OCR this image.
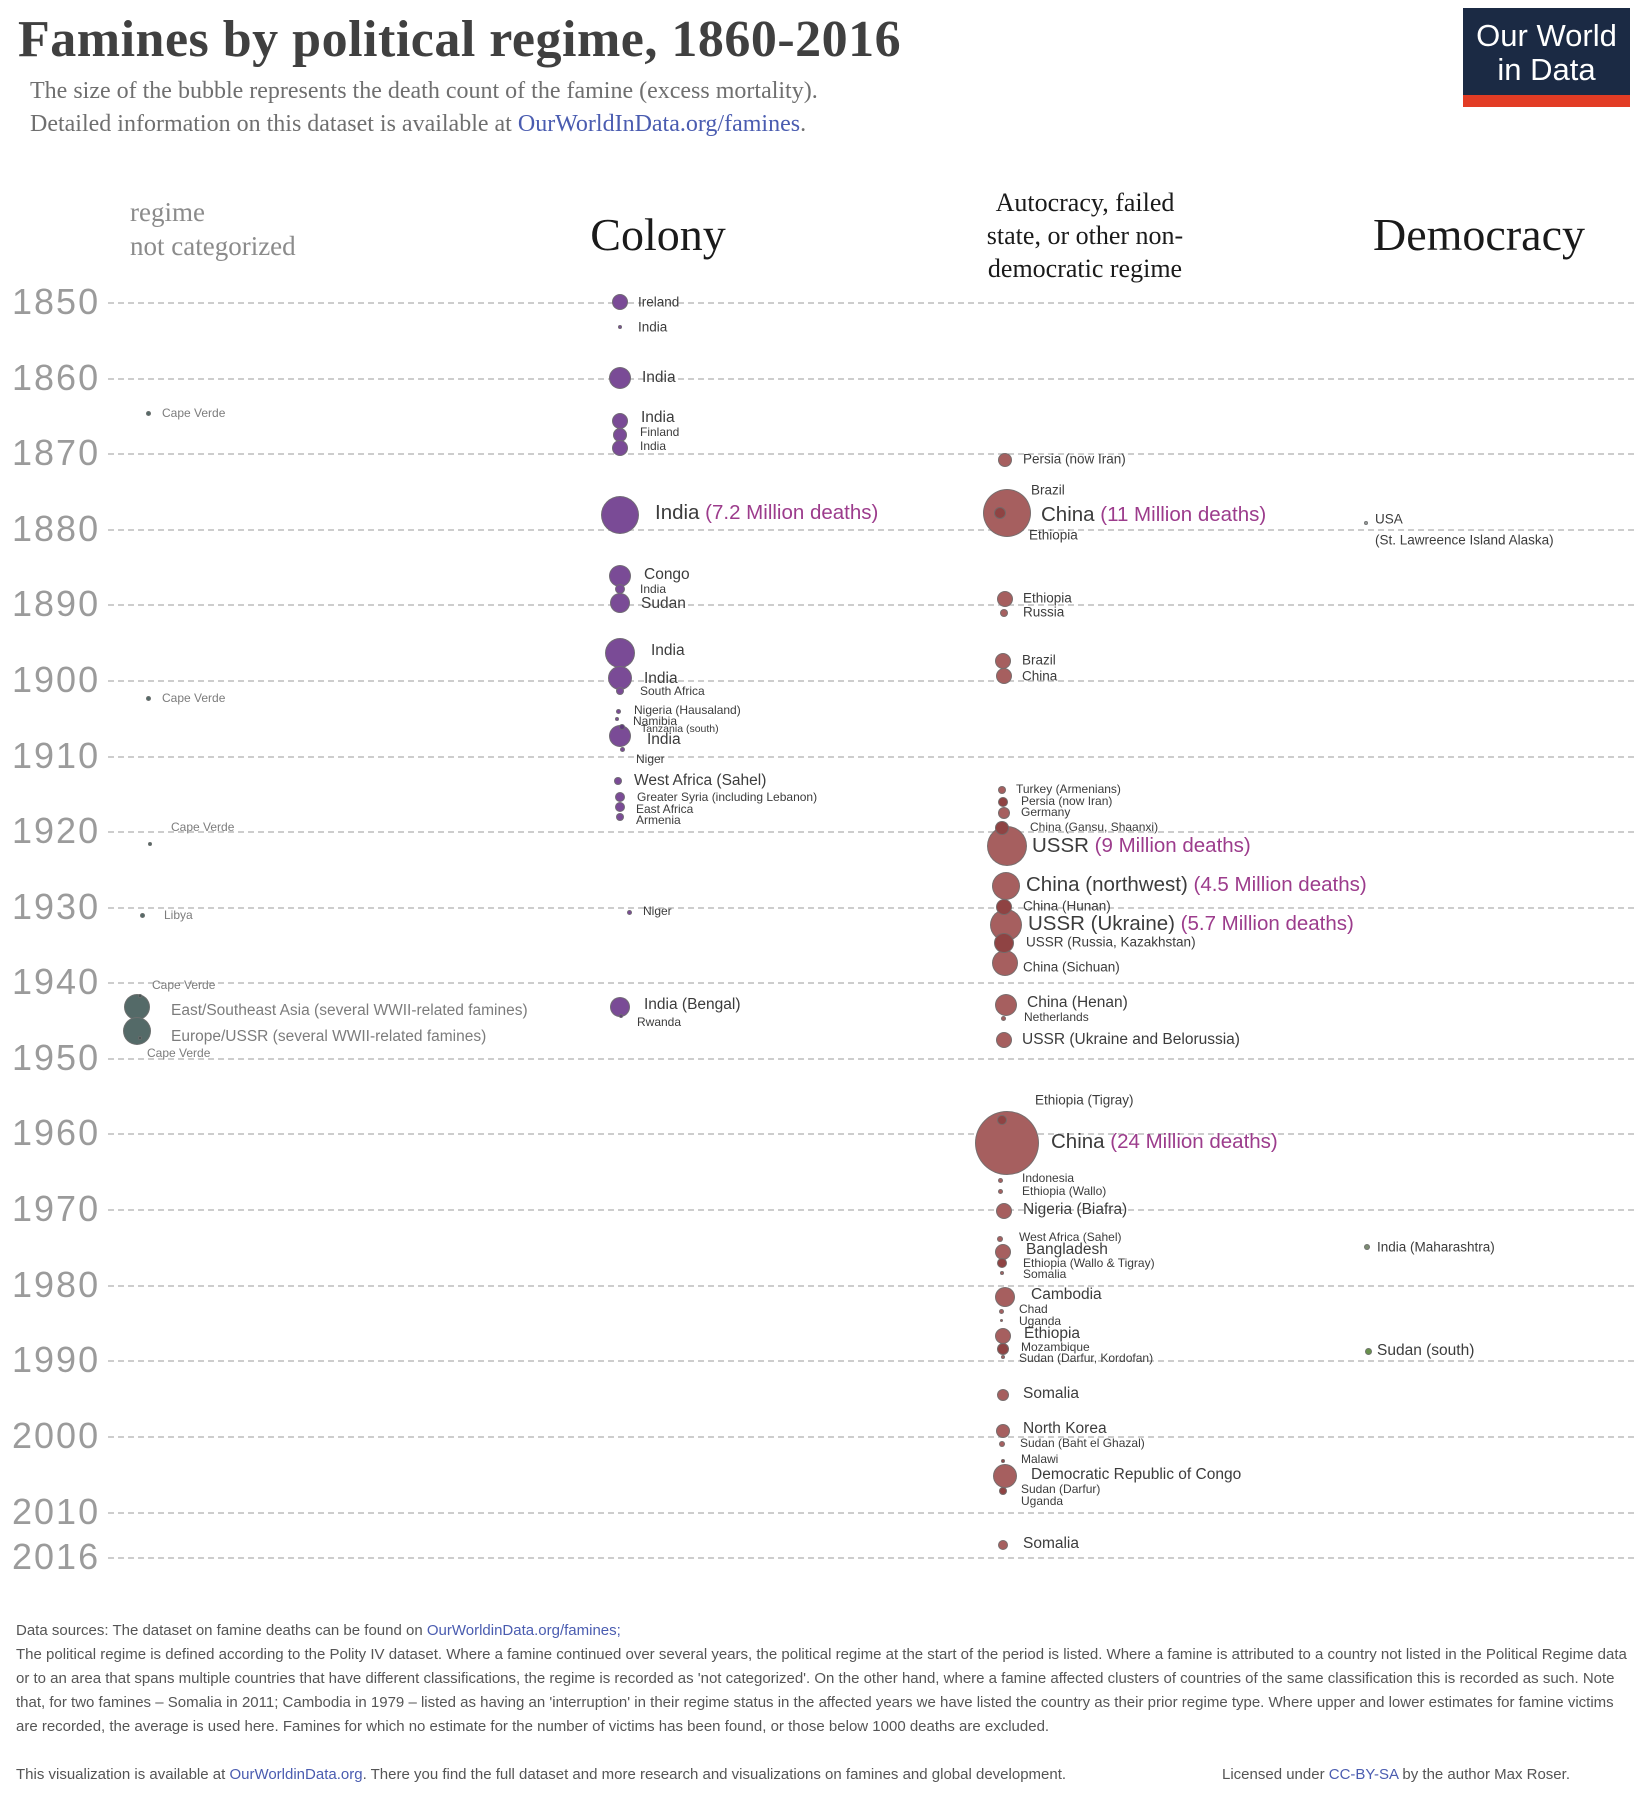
Famines by political regime, 1860-2016
The size of the bubble represents the death count of the famine (excess mortality).
Detailed information on this dataset is available at OurWorldInData.org/famines.
Our World
in Data
regime
not categorized	Colony
Autocracy, failed
state, or other non-
democratic regime
Democracy
1850
1860
1870
1880
1890
1900
1910
1920
1930
1940
1950
1960
1970
1980
1990
2000
2010
2016
Cape Verde
Cape Verde
Cape Verde
Libya
East/Southeast Asia (several WWII-related famines)
Europe/USSR (several WWII-related famines)
Cape Verde
Cape Verde
Ireland
India
India
India
Finland
India
India (7.2 Million deaths)
Congo
India
Sudan
India
India
South Africa
Nigeria (Hausaland)
Namibia
India
Tanzania (south)
Niger
West Africa (Sahel)
Greater Syria (including Lebanon)
East Africa
Armenia
Niger
India (Bengal)
Rwanda
Persia (now Iran)
China (11 Million deaths)
Brazil
Ethiopia
Ethiopia
Russia
Brazil
China
Turkey (Armenians)
Persia (now Iran)
Germany
USSR (9 Million deaths)
China (Gansu, Shaanxi)
China (northwest) (4.5 Million deaths)
China (Hunan)
USSR (Ukraine) (5.7 Million deaths)
USSR (Russia, Kazakhstan)
China (Sichuan)
China (Henan)
Netherlands
USSR (Ukraine and Belorussia)
China (24 Million deaths)
Ethiopia (Tigray)
Indonesia
Ethiopia (Wallo)
Nigeria (Biafra)
West Africa (Sahel)
Bangladesh
Ethiopia (Wallo & Tigray)
Somalia
Cambodia
Chad
Uganda
Ethiopia
Mozambique
Sudan (Darfur, Kordofan)
Somalia
North Korea
Sudan (Baht el Ghazal)
Democratic Republic of Congo
Malawi
Sudan (Darfur)
Uganda
Somalia
USA
(St. Lawreence Island Alaska)
India (Maharashtra)
Sudan (south)
Data sources: The dataset on famine deaths can be found on OurWorldinData.org/famines;
The political regime is defined according to the Polity IV dataset. Where a famine continued over several years, the political regime at the start of the period is listed. Where a famine is attributed to a country not listed in the Political Regime data or to an area that spans multiple countries that have different classifications, the regime is recorded as 'not categorized'. On the other hand, where a famine affected clusters of countries of the same classification this is recorded as such. Note that, for two famines – Somalia in 2011; Cambodia in 1979 – listed as having an 'interruption' in their regime status in the affected years we have listed the country as their prior regime type. Where upper and lower estimates for famine victims are recorded, the average is used here. Famines for which no estimate for the number of victims has been found, or those below 1000 deaths are excluded.
This visualization is available at OurWorldinData.org. There you find the full dataset and more research and visualizations on famines and global development.	Licensed under CC-BY-SA by the author Max Roser.
